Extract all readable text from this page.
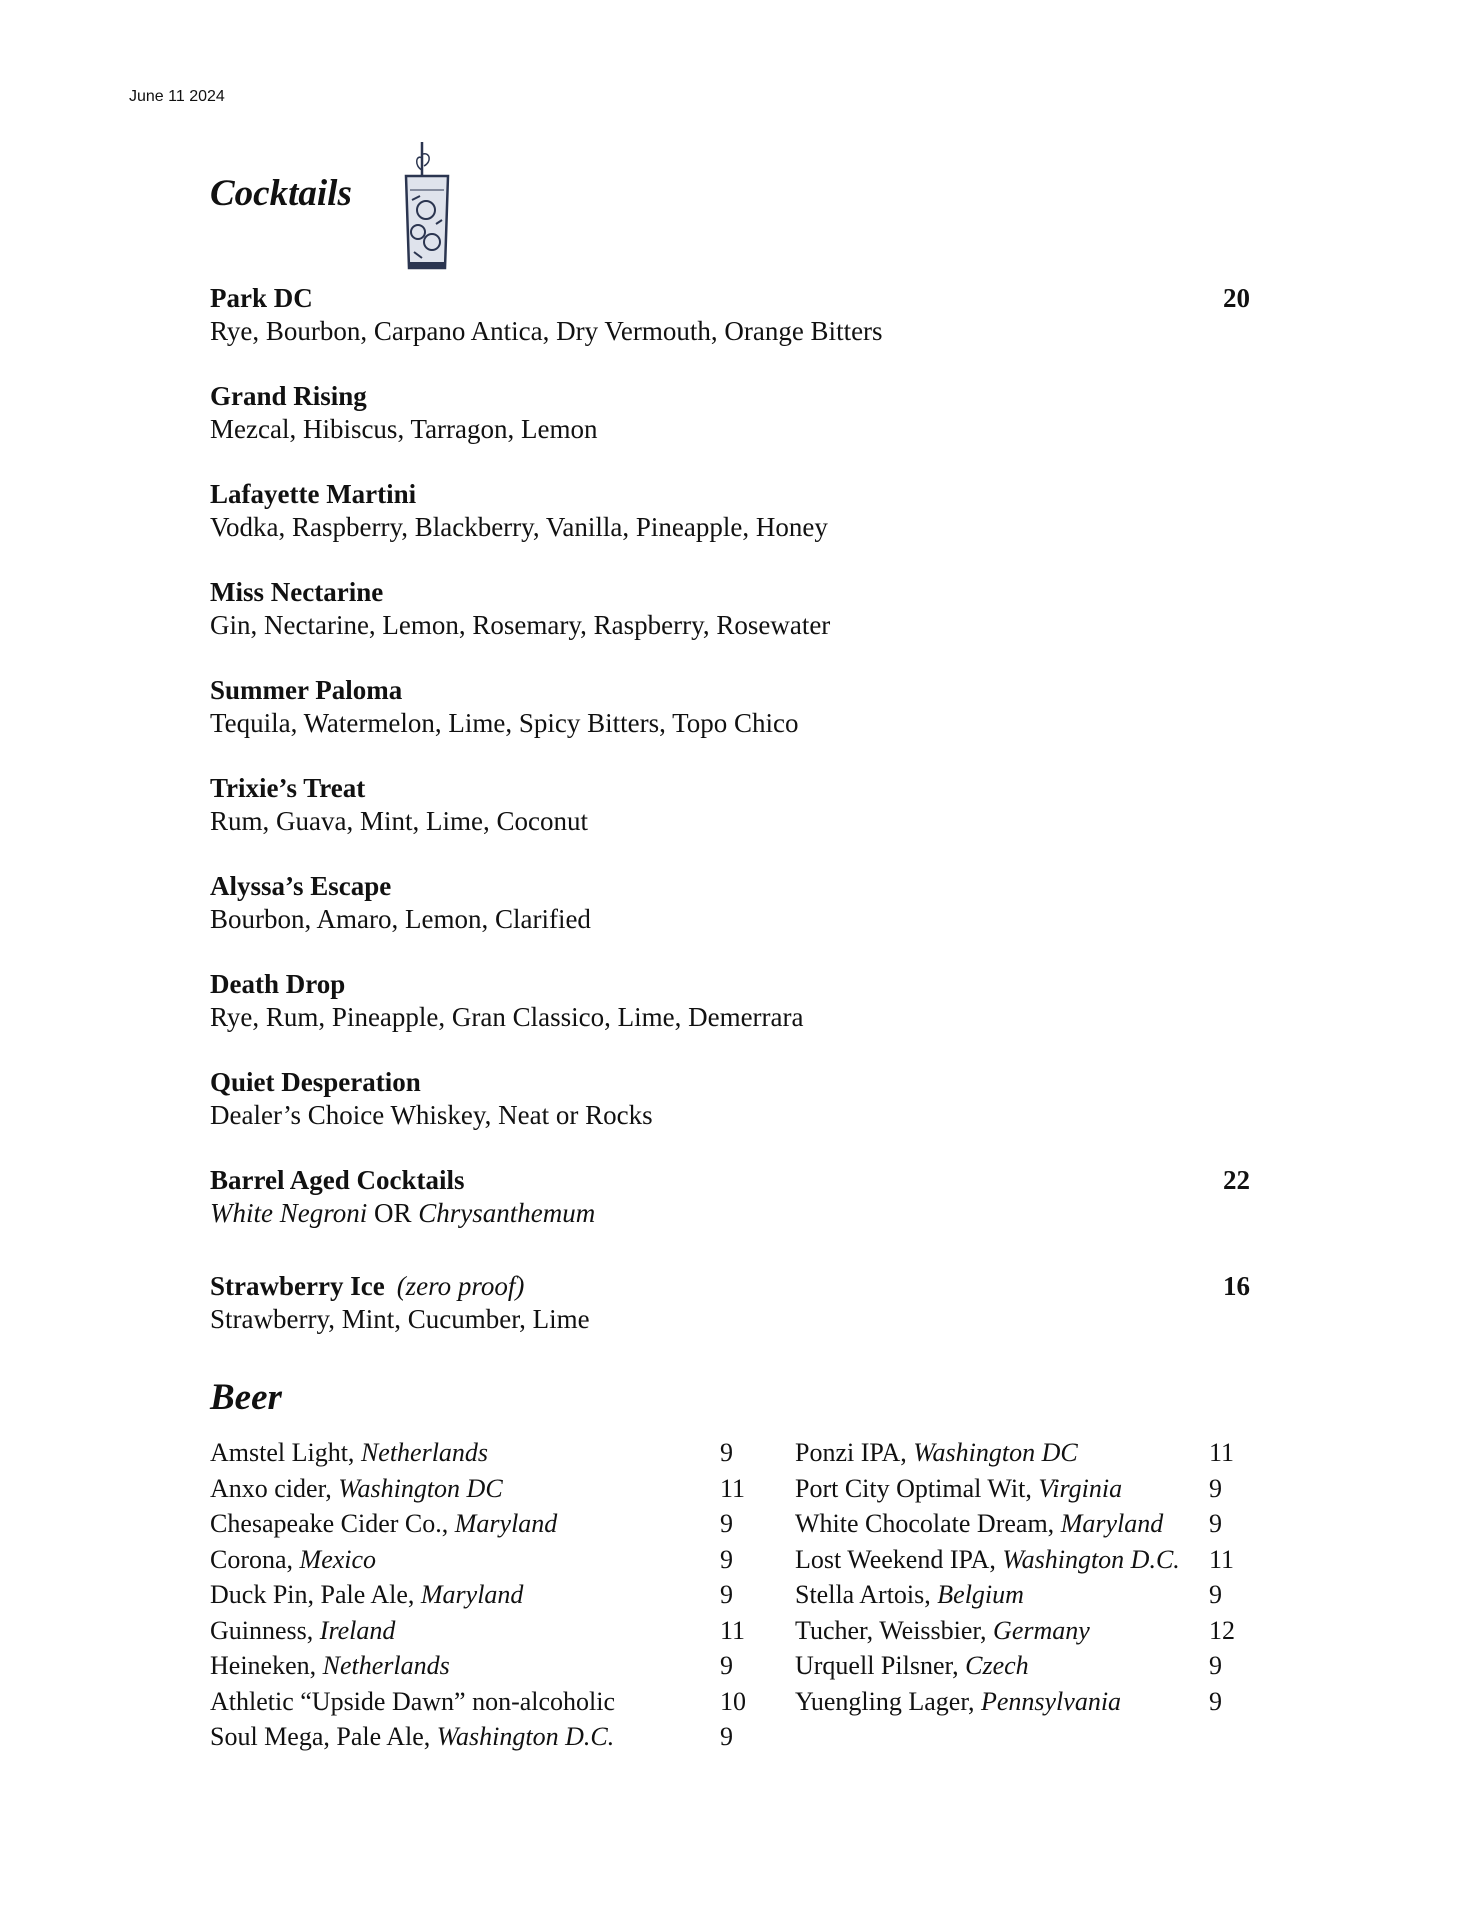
June 11 2024
Cocktails
Park DC	20
Rye, Bourbon, Carpano Antica, Dry Vermouth, Orange Bitters
Grand Rising
Mezcal, Hibiscus, Tarragon, Lemon
Lafayette Martini
Vodka, Raspberry, Blackberry, Vanilla, Pineapple, Honey
Miss Nectarine
Gin, Nectarine, Lemon, Rosemary, Raspberry, Rosewater
Summer Paloma
Tequila, Watermelon, Lime, Spicy Bitters, Topo Chico
Trixie’s Treat
Rum, Guava, Mint, Lime, Coconut
Alyssa’s Escape
Bourbon, Amaro, Lemon, Clarified
Death Drop
Rye, Rum, Pineapple, Gran Classico, Lime, Demerrara
Quiet Desperation
Dealer’s Choice Whiskey, Neat or Rocks
Barrel Aged Cocktails	22
White Negroni OR Chrysanthemum
Strawberry Ice (zero proof)	16
Strawberry, Mint, Cucumber, Lime
Beer
Amstel Light, Netherlands	9
Anxo cider, Washington DC	11
Chesapeake Cider Co., Maryland	9
Corona, Mexico	9
Duck Pin, Pale Ale, Maryland	9
Guinness, Ireland	11
Heineken, Netherlands	9
Athletic “Upside Dawn” non-alcoholic	10
Soul Mega, Pale Ale, Washington D.C.	9
Ponzi IPA, Washington DC	11
Port City Optimal Wit, Virginia	9
White Chocolate Dream, Maryland 9
Lost Weekend IPA, Washington D.C. 11
Stella Artois, Belgium	9
Tucher, Weissbier, Germany	12
Urquell Pilsner, Czech	9
Yuengling Lager, Pennsylvania	9
